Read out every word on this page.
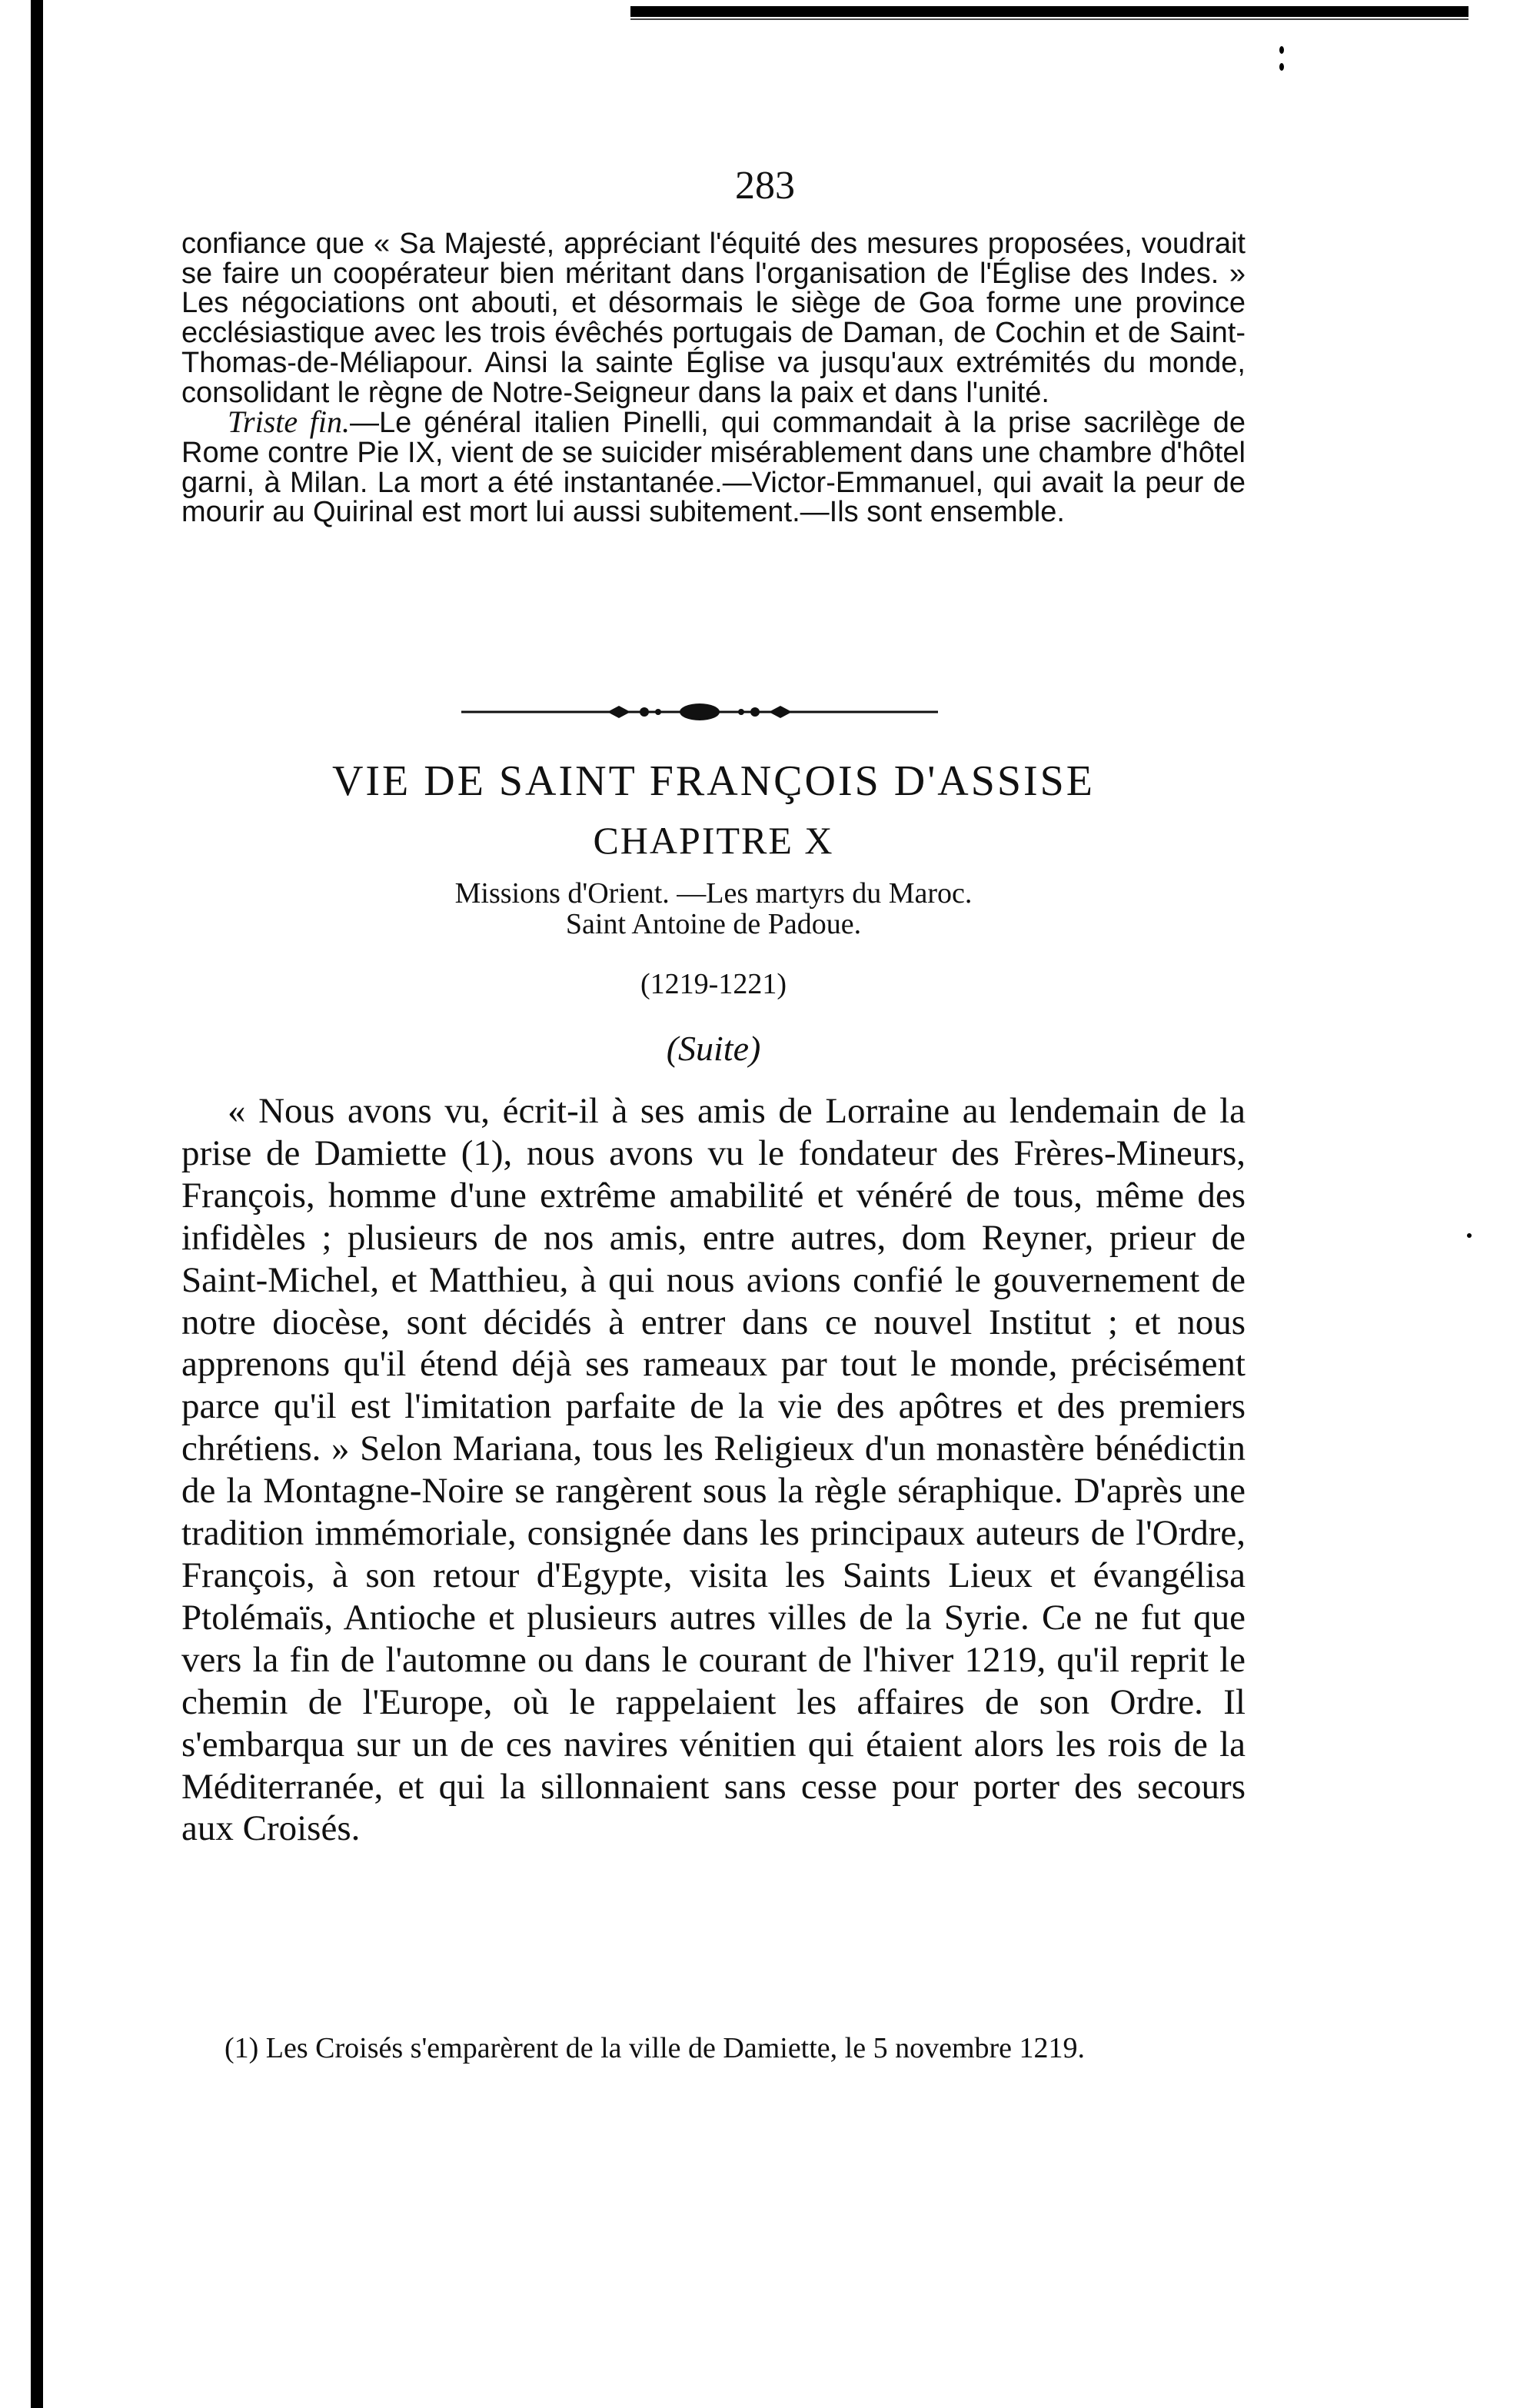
283

confiance que « Sa Majesté, appréciant l'équité des mesures proposées, voudrait se faire un coopérateur bien méritant dans l'organisation de l'Église des Indes. » Les négociations ont abouti, et désormais le siège de Goa forme une province ecclésiastique avec les trois évêchés portugais de Daman, de Cochin et de Saint-Thomas-de-Méliapour. Ainsi la sainte Église va jusqu'aux extrémités du monde, consolidant le règne de Notre-Seigneur dans la paix et dans l'unité.

Triste fin.—Le général italien Pinelli, qui commandait à la prise sacrilège de Rome contre Pie IX, vient de se suicider misérablement dans une chambre d'hôtel garni, à Milan. La mort a été instantanée.—Victor-Emmanuel, qui avait la peur de mourir au Quirinal est mort lui aussi subitement.—Ils sont ensemble.

VIE DE SAINT FRANÇOIS D'ASSISE
CHAPITRE X
Missions d'Orient. —Les martyrs du Maroc.
Saint Antoine de Padoue.
(1219-1221)
(Suite)

« Nous avons vu, écrit-il à ses amis de Lorraine au lendemain de la prise de Damiette (1), nous avons vu le fondateur des Frères-Mineurs, François, homme d'une extrême amabilité et vénéré de tous, même des infidèles ; plusieurs de nos amis, entre autres, dom Reyner, prieur de Saint-Michel, et Matthieu, à qui nous avions confié le gouvernement de notre diocèse, sont décidés à entrer dans ce nouvel Institut ; et nous apprenons qu'il étend déjà ses rameaux par tout le monde, précisément parce qu'il est l'imitation parfaite de la vie des apôtres et des premiers chrétiens. » Selon Mariana, tous les Religieux d'un monastère bénédictin de la Montagne-Noire se rangèrent sous la règle séraphique. D'après une tradition immémoriale, consignée dans les principaux auteurs de l'Ordre, François, à son retour d'Egypte, visita les Saints Lieux et évangélisa Ptolémaïs, Antioche et plusieurs autres villes de la Syrie. Ce ne fut que vers la fin de l'automne ou dans le courant de l'hiver 1219, qu'il reprit le chemin de l'Europe, où le rappelaient les affaires de son Ordre. Il s'embarqua sur un de ces navires vénitien qui étaient alors les rois de la Méditerranée, et qui la sillonnaient sans cesse pour porter des secours aux Croisés.

(1) Les Croisés s'emparèrent de la ville de Damiette, le 5 novembre 1219.
